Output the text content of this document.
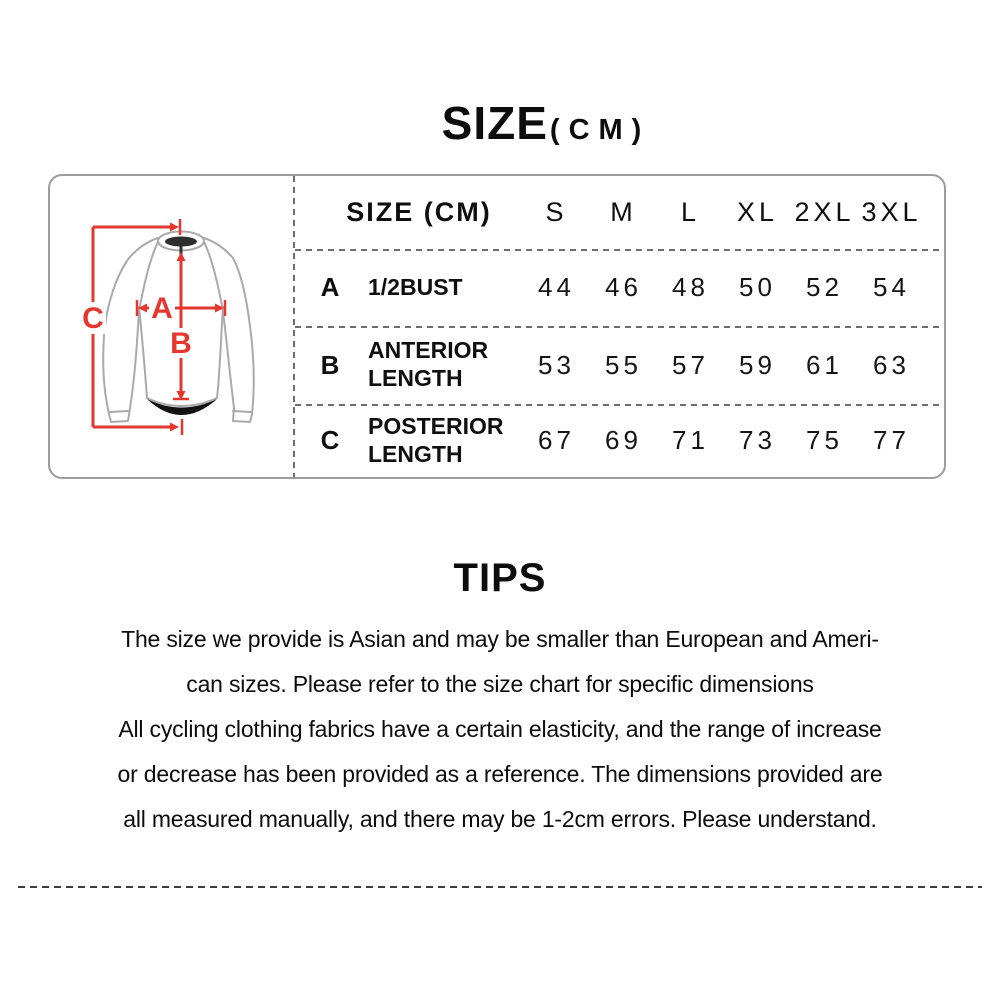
SIZE(CM)
A
B
C
SIZE (CM)	S	M	L	XL 2XL 3XL
A	1/2BUST	44	46	48	50	52	54
B	ANTERIOR LENGTH	53	55	57	59	61	63
C	POSTERIOR LENGTH	67	69	71	73	75	77
TIPS
The size we provide is Asian and may be smaller than European and Ameri-
can sizes. Please refer to the size chart for specific dimensions
All cycling clothing fabrics have a certain elasticity, and the range of increase
or decrease has been provided as a reference. The dimensions provided are
all measured manually, and there may be 1-2cm errors. Please understand.
